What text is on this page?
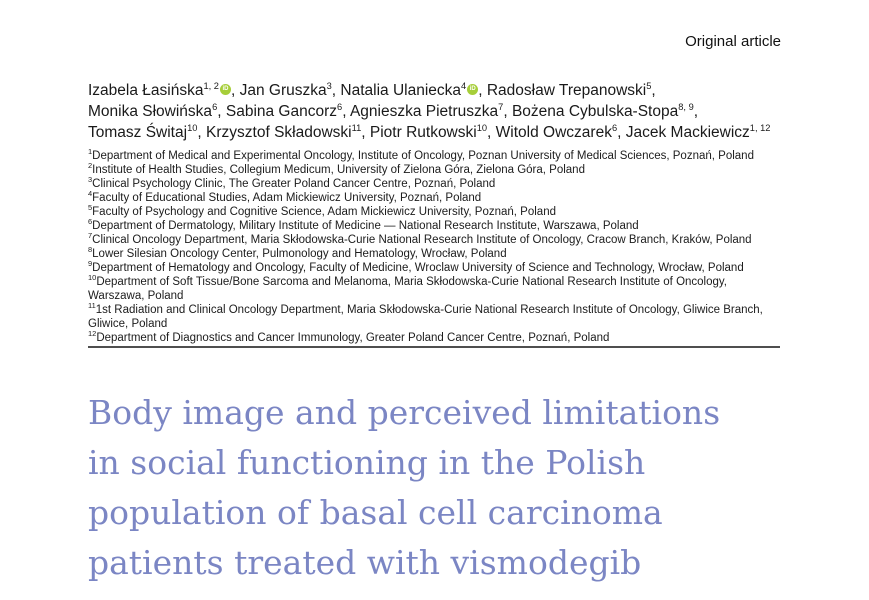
Original article
Izabela Łasińska$^{1, 2}$ iD , Jan Gruszka$^3$, Natalia Ulaniecka$^4$ iD , Radosław Trepanowski$^5$,
Monika Słowińska$^6$, Sabina Gancorz$^6$, Agnieszka Pietruszka$^7$, Bożena Cybulska-Stopa$^{8, 9}$,
Tomasz Świtaj$^{10}$, Krzysztof Składowski$^{11}$, Piotr Rutkowski$^{10}$, Witold Owczarek$^6$, Jacek Mackiewicz$^{1, 12}$
$^1$Department of Medical and Experimental Oncology, Institute of Oncology, Poznan University of Medical Sciences, Poznań, Poland
$^2$Institute of Health Studies, Collegium Medicum, University of Zielona Góra, Zielona Góra, Poland
$^3$Clinical Psychology Clinic, The Greater Poland Cancer Centre, Poznań, Poland
$^4$Faculty of Educational Studies, Adam Mickiewicz University, Poznań, Poland
$^5$Faculty of Psychology and Cognitive Science, Adam Mickiewicz University, Poznań, Poland
$^6$Department of Dermatology, Military Institute of Medicine — National Research Institute, Warszawa, Poland
$^7$Clinical Oncology Department, Maria Skłodowska-Curie National Research Institute of Oncology, Cracow Branch, Kraków, Poland
$^8$Lower Silesian Oncology Center, Pulmonology and Hematology, Wrocław, Poland
$^9$Department of Hematology and Oncology, Faculty of Medicine, Wroclaw University of Science and Technology, Wrocław, Poland
$^{10}$Department of Soft Tissue/Bone Sarcoma and Melanoma, Maria Skłodowska-Curie National Research Institute of Oncology, Warszawa, Poland
$^{11}$1st Radiation and Clinical Oncology Department, Maria Skłodowska-Curie National Research Institute of Oncology, Gliwice Branch, Gliwice, Poland
$^{12}$Department of Diagnostics and Cancer Immunology, Greater Poland Cancer Centre, Poznań, Poland
Body image and perceived limitations
in social functioning in the Polish
population of basal cell carcinoma
patients treated with vismodegib
